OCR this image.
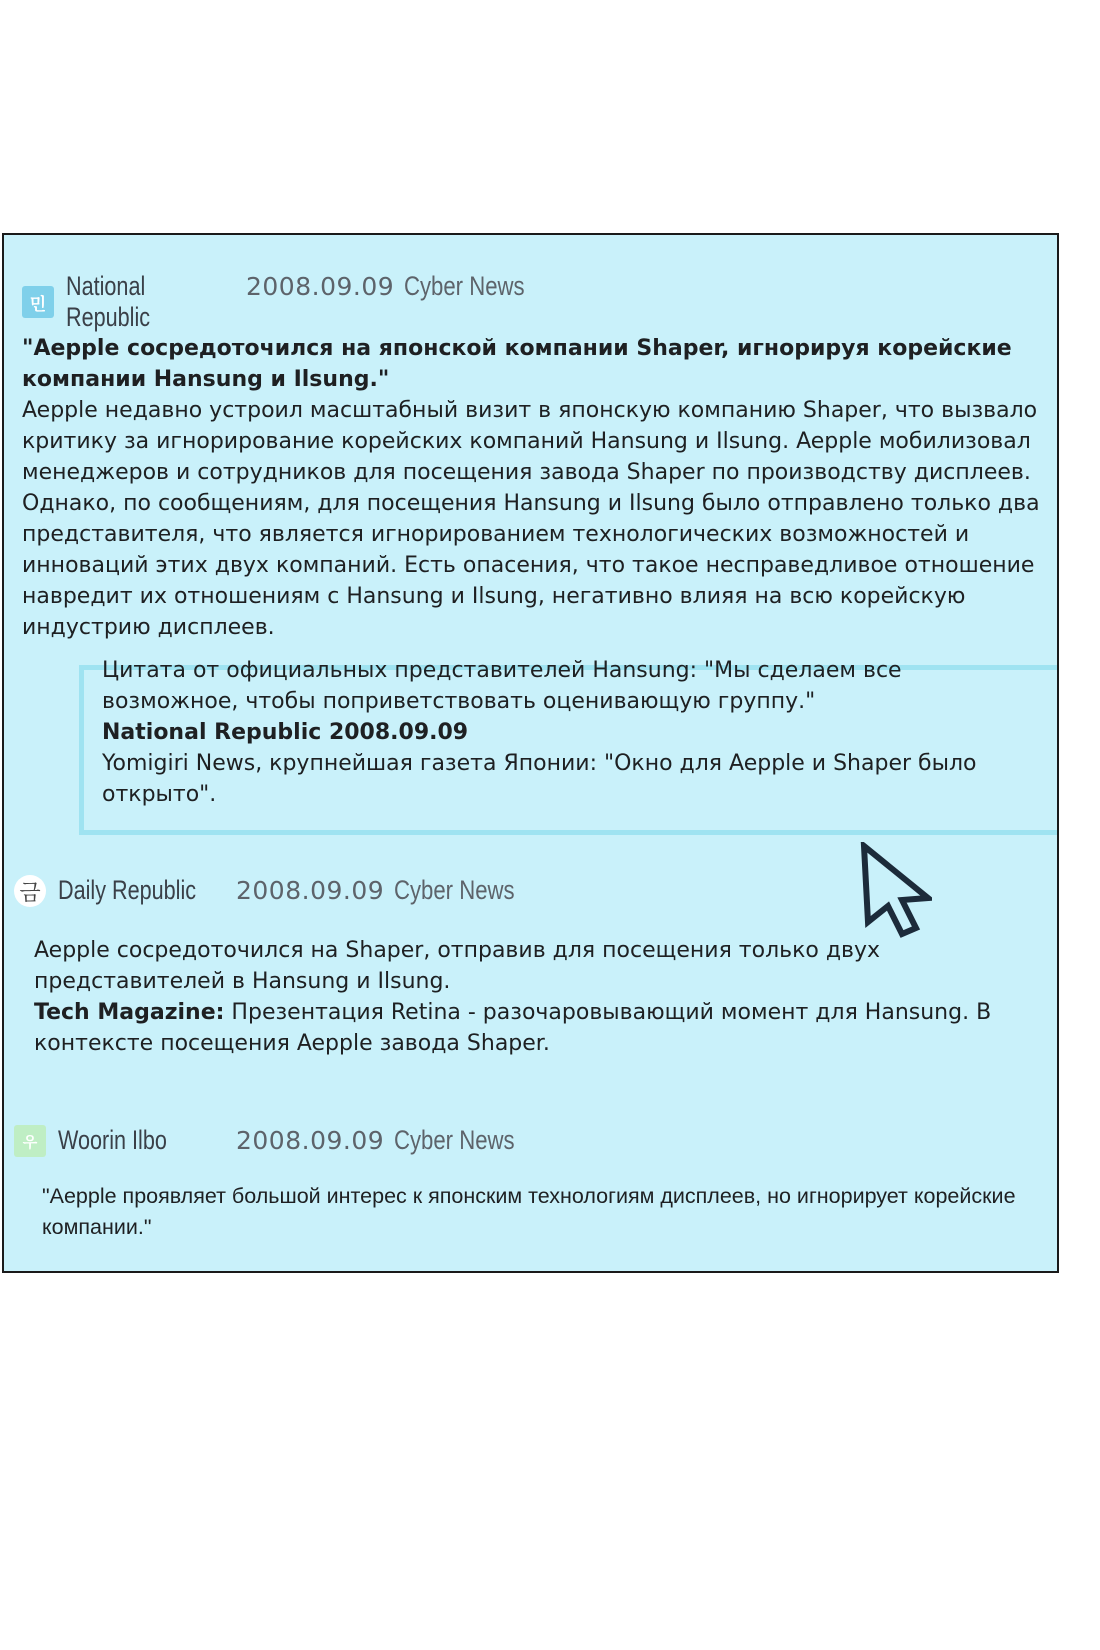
민
National Republic
2008.09.09 Cyber News

"Aepple сосредоточился на японской компании Shaper, игнорируя корейские компании Hansung и Ilsung."

Aepple недавно устроил масштабный визит в японскую компанию Shaper, что вызвало критику за игнорирование корейских компаний Hansung и Ilsung. Aepple мобилизовал менеджеров и сотрудников для посещения завода Shaper по производству дисплеев. Однако, по сообщениям, для посещения Hansung и Ilsung было отправлено только два представителя, что является игнорированием технологических возможностей и инноваций этих двух компаний. Есть опасения, что такое несправедливое отношение навредит их отношениям с Hansung и Ilsung, негативно влияя на всю корейскую индустрию дисплеев.

Цитата от официальных представителей Hansung: "Мы сделаем все возможное, чтобы поприветствовать оценивающую группу."

National Republic 2008.09.09

Yomigiri News, крупнейшая газета Японии: "Окно для Aepple и Shaper было открыто".

금 Daily Republic 2008.09.09 Cyber News

Aepple сосредоточился на Shaper, отправив для посещения только двух представителей в Hansung и Ilsung.

Tech Magazine: Презентация Retina - разочаровывающий момент для Hansung. В контексте посещения Aepple завода Shaper.

우 Woorin Ilbo	2008.09.09 Cyber News

"Aepple проявляет большой интерес к японским технологиям дисплеев, но игнорирует корейские компании."
